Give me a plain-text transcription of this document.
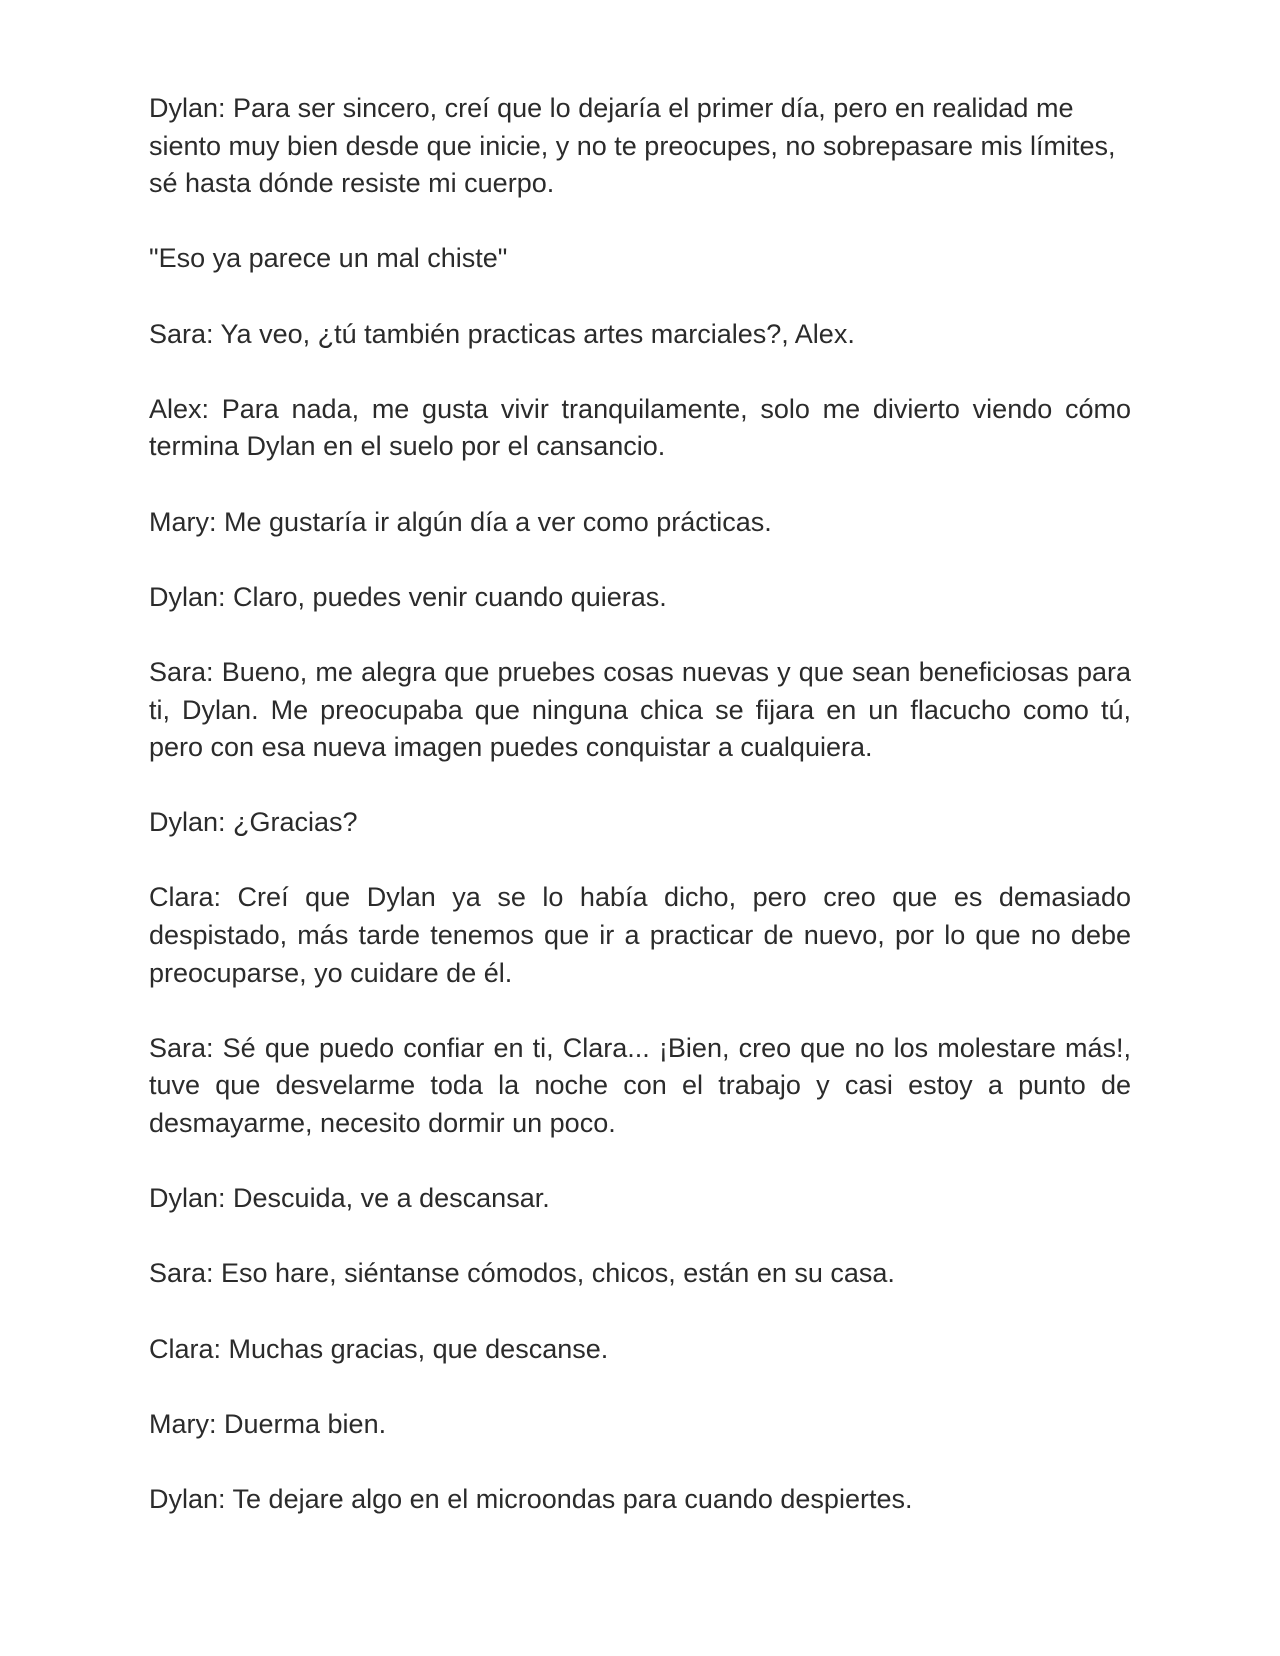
Dylan: Para ser sincero, creí que lo dejaría el primer día, pero en realidad me siento muy bien desde que inicie, y no te preocupes, no sobrepasare mis límites, sé hasta dónde resiste mi cuerpo.

"Eso ya parece un mal chiste"

Sara: Ya veo, ¿tú también practicas artes marciales?, Alex.

Alex: Para nada, me gusta vivir tranquilamente, solo me divierto viendo cómo termina Dylan en el suelo por el cansancio.

Mary: Me gustaría ir algún día a ver como prácticas.

Dylan: Claro, puedes venir cuando quieras.

Sara: Bueno, me alegra que pruebes cosas nuevas y que sean beneficiosas para ti, Dylan. Me preocupaba que ninguna chica se fijara en un flacucho como tú, pero con esa nueva imagen puedes conquistar a cualquiera.

Dylan: ¿Gracias?

Clara: Creí que Dylan ya se lo había dicho, pero creo que es demasiado despistado, más tarde tenemos que ir a practicar de nuevo, por lo que no debe preocuparse, yo cuidare de él.

Sara: Sé que puedo confiar en ti, Clara... ¡Bien, creo que no los molestare más!, tuve que desvelarme toda la noche con el trabajo y casi estoy a punto de desmayarme, necesito dormir un poco.

Dylan: Descuida, ve a descansar.

Sara: Eso hare, siéntanse cómodos, chicos, están en su casa.

Clara: Muchas gracias, que descanse.

Mary: Duerma bien.

Dylan: Te dejare algo en el microondas para cuando despiertes.
